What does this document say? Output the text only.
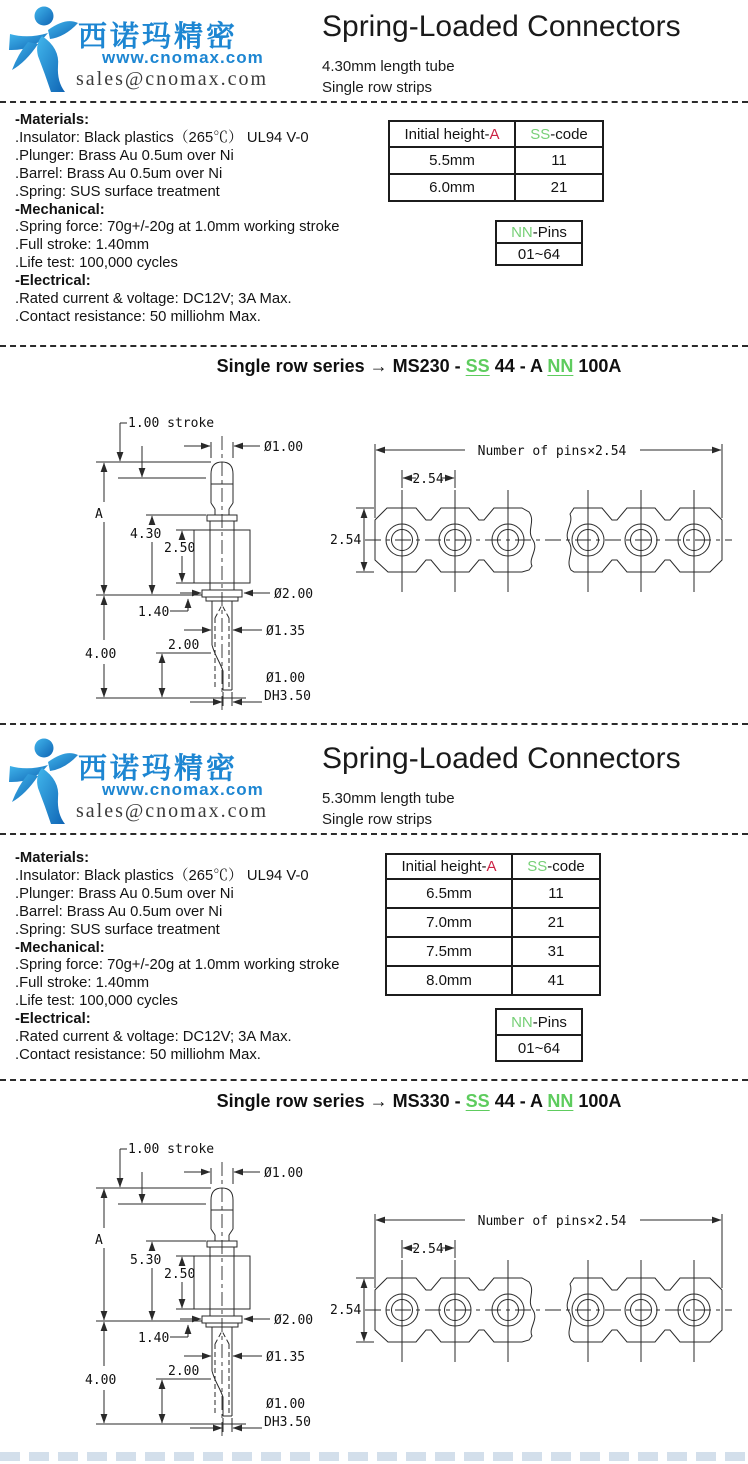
西诺玛精密
www.cnomax.com
sales@cnomax.com
Spring-Loaded Connectors
4.30mm length tube
Single row strips
-Materials:
.Insulator: Black plastics（265℃） UL94 V-0
.Plunger: Brass Au 0.5um over Ni
.Barrel: Brass Au 0.5um over Ni
.Spring: SUS surface treatment
-Mechanical:
.Spring force: 70g+/-20g at 1.0mm working stroke
.Full stroke: 1.40mm
.Life test: 100,000 cycles
-Electrical:
.Rated current & voltage: DC12V; 3A Max.
.Contact resistance: 50 milliohm Max.
Initial height-A	SS-code
5.5mm	11
6.0mm	21
NN-Pins
01~64
Single row series → MS230 - SS 44 - A NN 100A
1.00 stroke
Ø1.00
A
4.30
2.50
Ø2.00
1.40
Ø1.35
4.00
2.00
Ø1.00
DH3.50
Number of pins×2.54
2.54
2.54
西诺玛精密
www.cnomax.com
sales@cnomax.com
Spring-Loaded Connectors
5.30mm length tube
Single row strips
-Materials:
.Insulator: Black plastics（265℃） UL94 V-0
.Plunger: Brass Au 0.5um over Ni
.Barrel: Brass Au 0.5um over Ni
.Spring: SUS surface treatment
-Mechanical:
.Spring force: 70g+/-20g at 1.0mm working stroke
.Full stroke: 1.40mm
.Life test: 100,000 cycles
-Electrical:
.Rated current & voltage: DC12V; 3A Max.
.Contact resistance: 50 milliohm Max.
Initial height-A	SS-code
6.5mm	11
7.0mm	21
7.5mm	31
8.0mm	41
NN-Pins
01~64
Single row series → MS330 - SS 44 - A NN 100A
1.00 stroke
Ø1.00
A
5.30
2.50
Ø2.00
1.40
Ø1.35
4.00
2.00
Ø1.00
DH3.50
Number of pins×2.54
2.54
2.54
